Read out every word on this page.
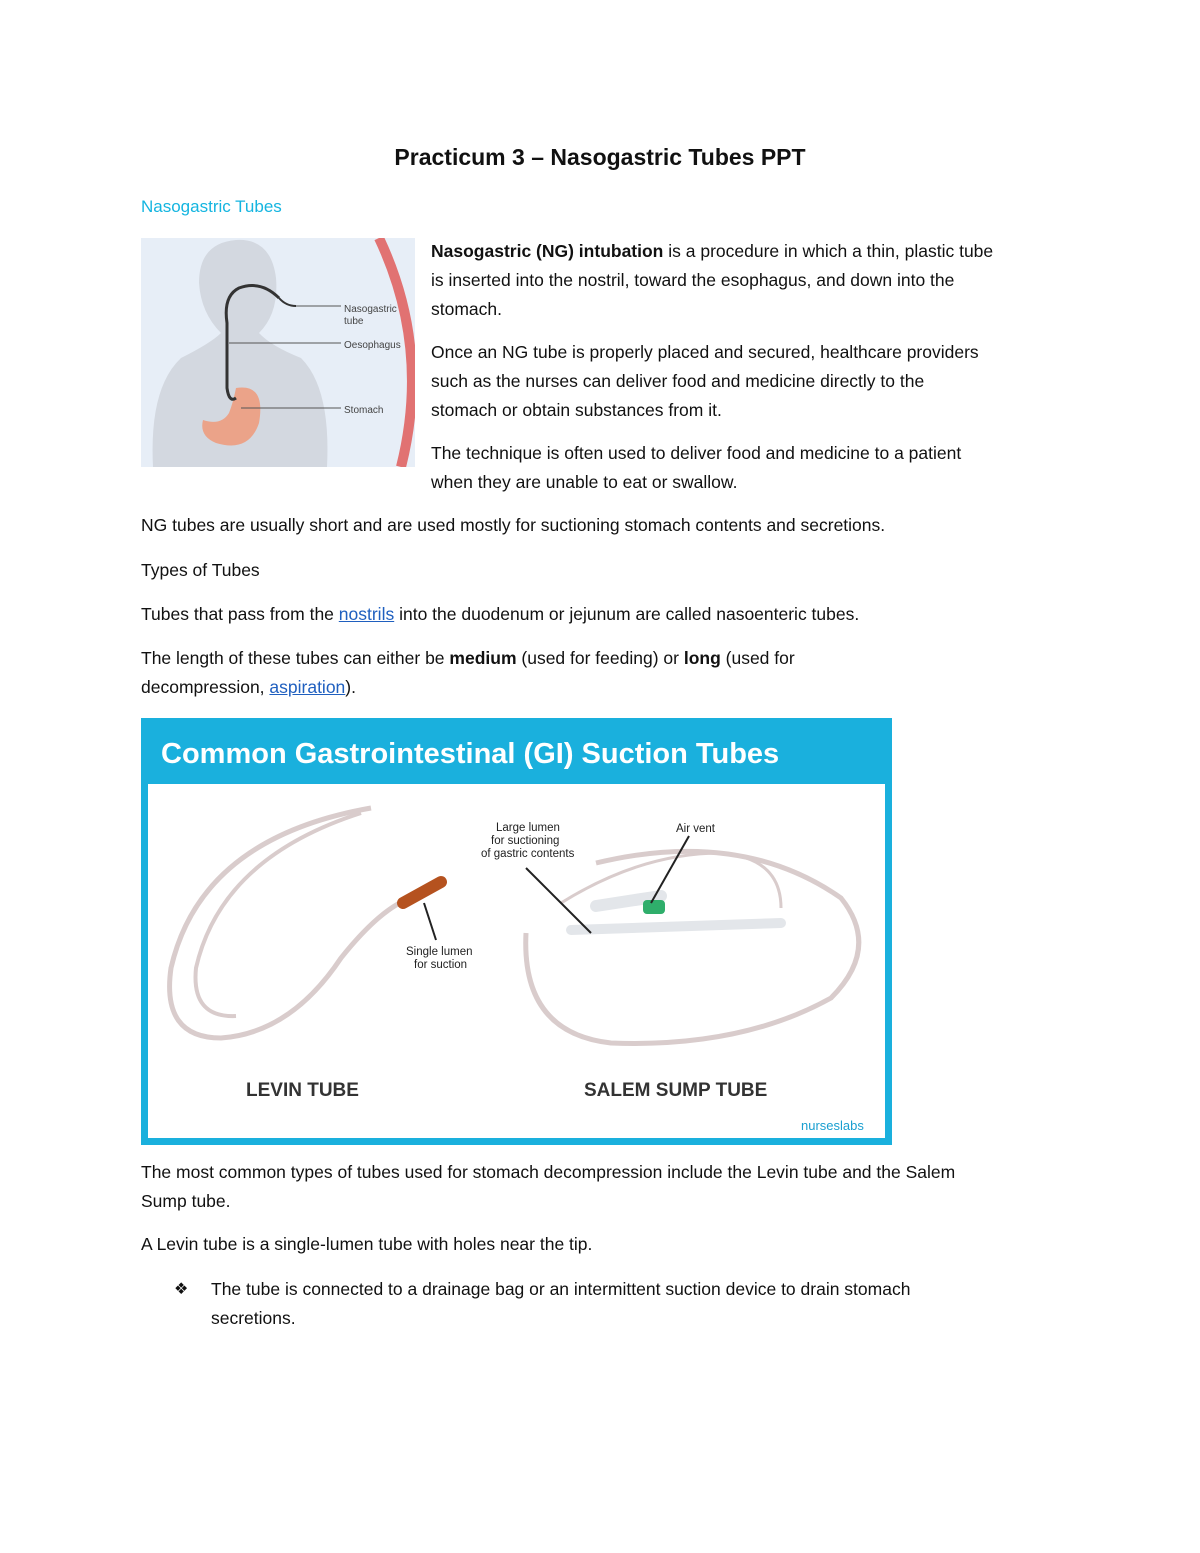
Practicum 3 – Nasogastric Tubes PPT
Nasogastric Tubes
Nasogastric
tube
Oesophagus
Stomach

Nasogastric (NG) intubation is a procedure in which a thin, plastic tube
is inserted into the nostril, toward the esophagus, and down into the
stomach.

Once an NG tube is properly placed and secured, healthcare providers
such as the nurses can deliver food and medicine directly to the
stomach or obtain substances from it.

The technique is often used to deliver food and medicine to a patient
when they are unable to eat or swallow.

NG tubes are usually short and are used mostly for suctioning stomach contents and secretions.

Types of Tubes

Tubes that pass from the nostrils into the duodenum or jejunum are called nasoenteric tubes.

The length of these tubes can either be medium (used for feeding) or long (used for
decompression, aspiration).

Common Gastrointestinal (GI) Suction Tubes
Single lumen
for suction
Large lumen
for suctioning
of gastric contents
Air vent
LEVIN TUBE	SALEM SUMP TUBE
nurseslabs

The most common types of tubes used for stomach decompression include the Levin tube and the Salem
Sump tube.

A Levin tube is a single-lumen tube with holes near the tip.

❖ The tube is connected to a drainage bag or an intermittent suction device to drain stomach
secretions.
